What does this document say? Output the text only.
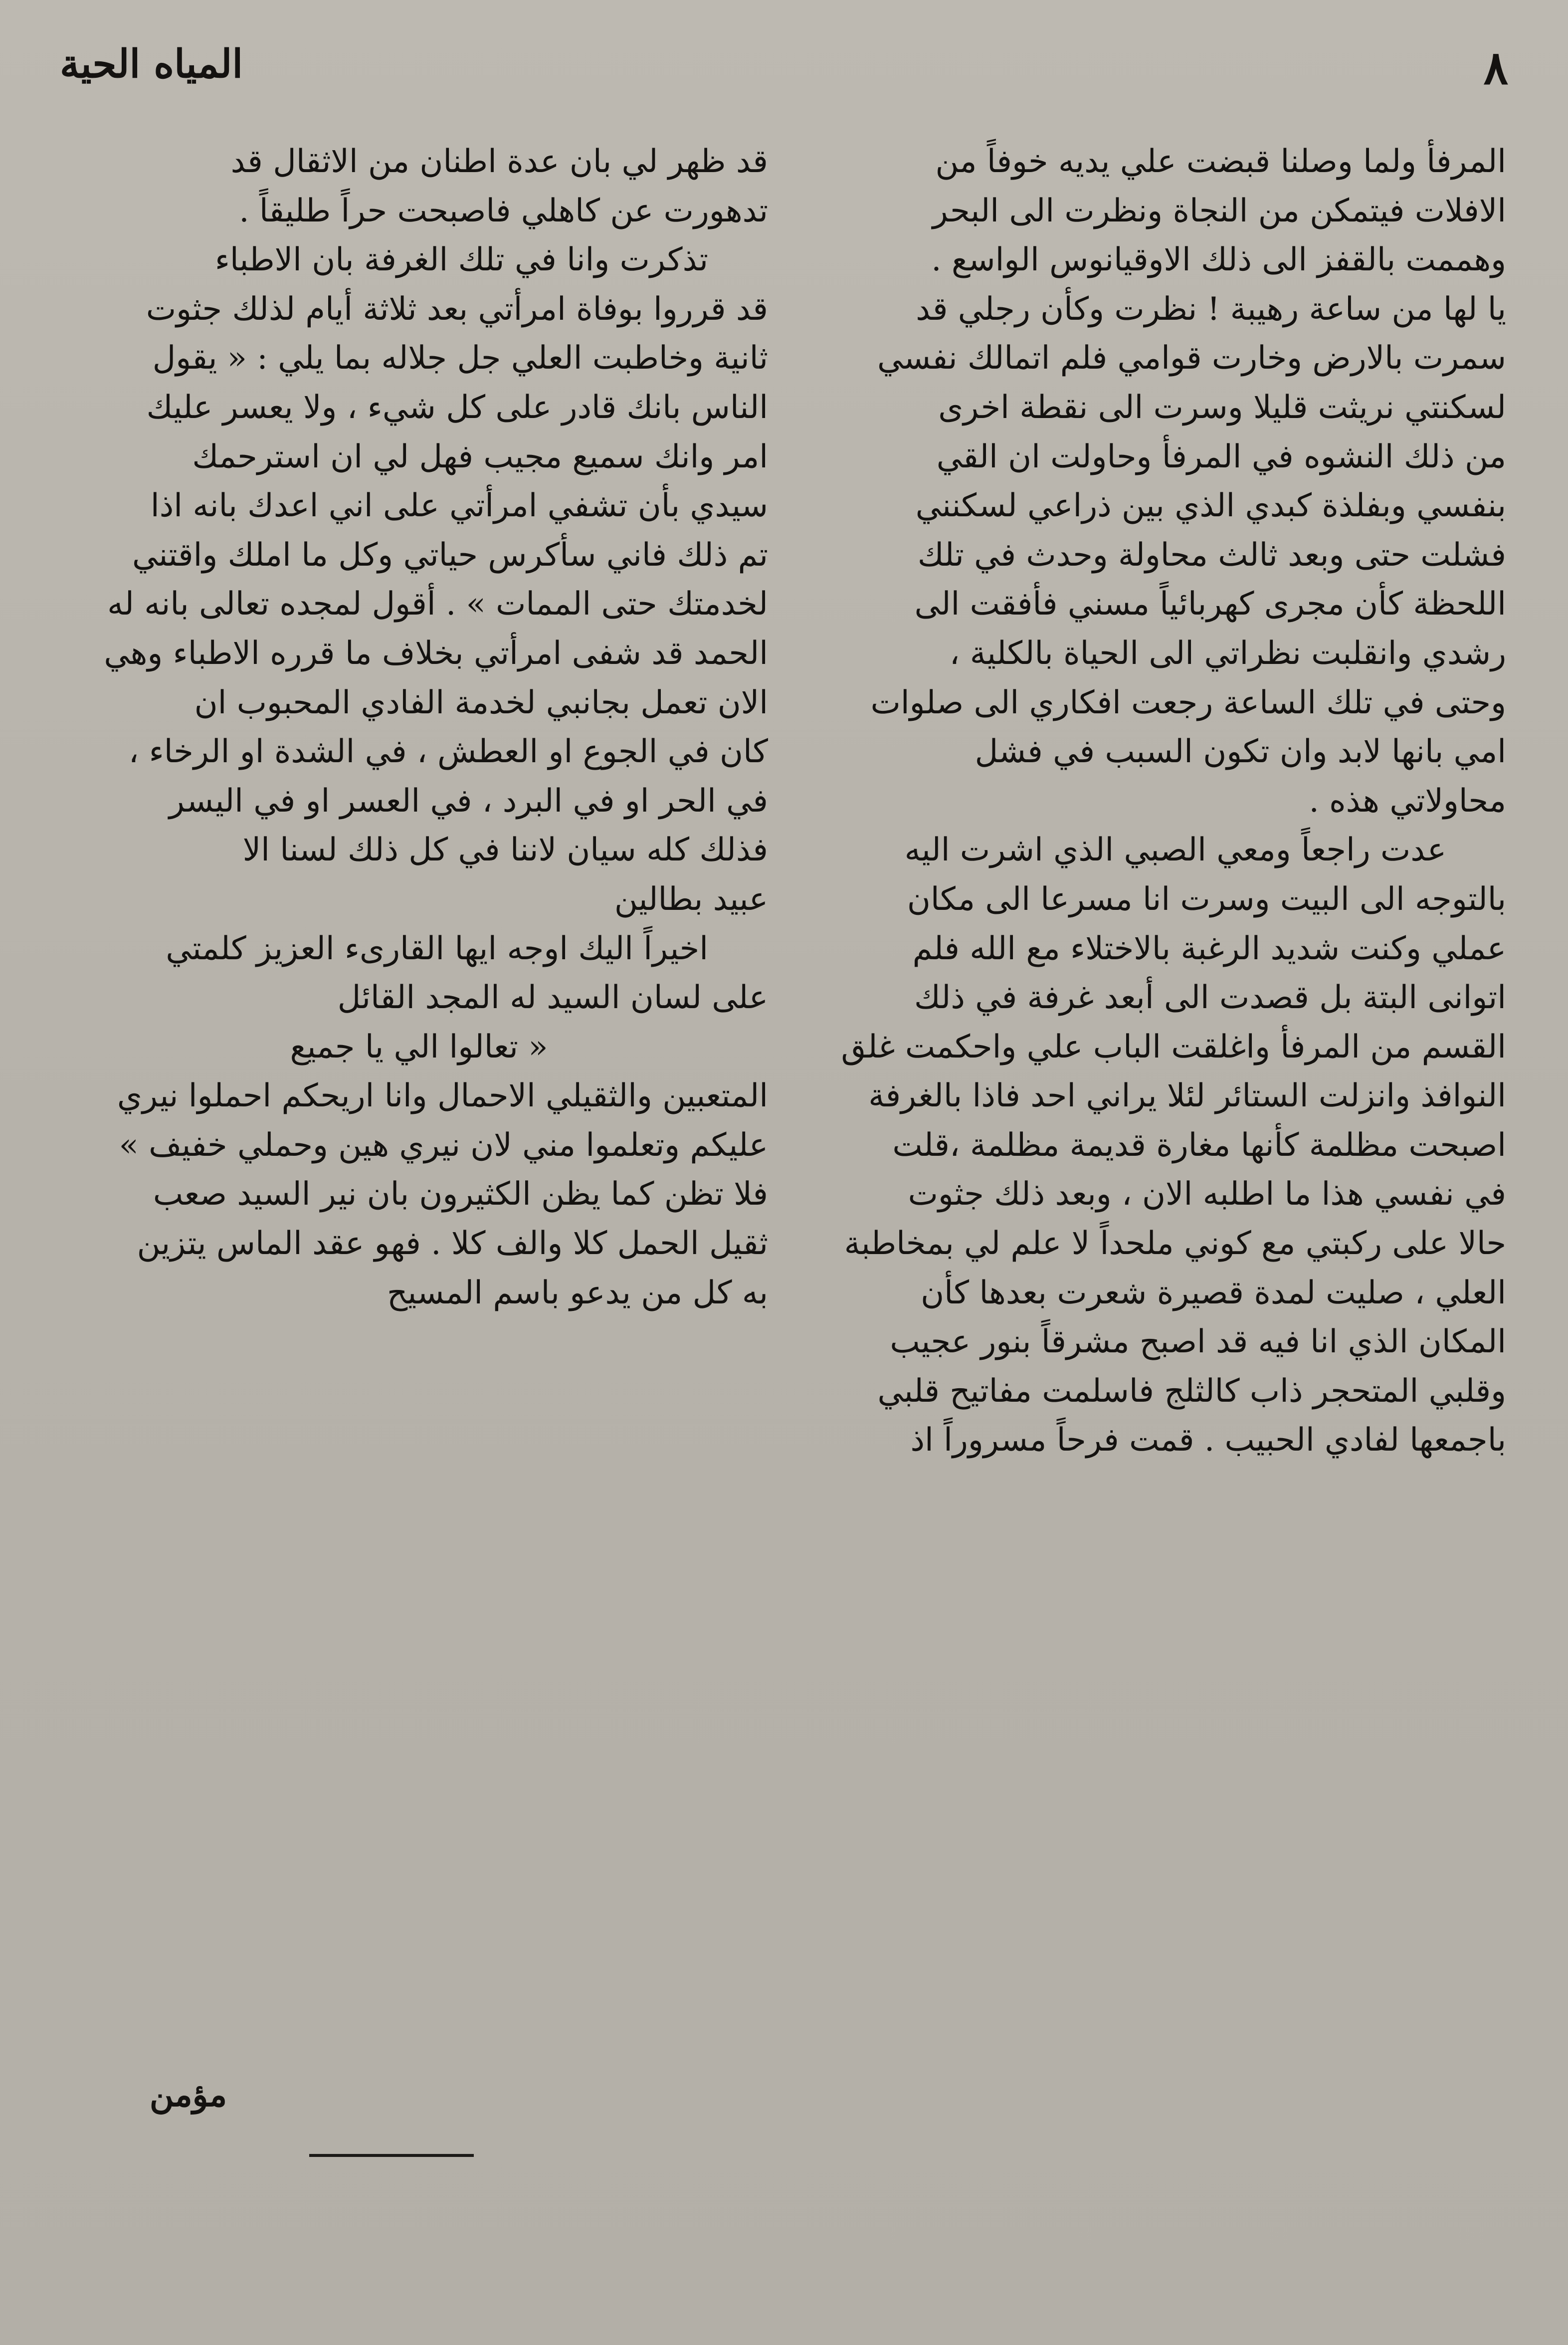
٨
المياه الحية
المرفأ ولما وصلنا قبضت علي يديه خوفاً من
الافلات فيتمكن من النجاة ونظرت الى البحر
وهممت بالقفز الى ذلك الاوقيانوس الواسع .
يا لها من ساعة رهيبة ! نظرت وكأن رجلي قد
سمرت بالارض وخارت قوامي فلم اتمالك نفسي
لسكنتي نريثت قليلا وسرت الى نقطة اخرى
من ذلك النشوه في المرفأ وحاولت ان القي
بنفسي وبفلذة كبدي الذي بين ذراعي لسكنني
فشلت حتى وبعد ثالث محاولة وحدث في تلك
اللحظة كأن مجرى كهربائياً مسني فأفقت الى
رشدي وانقلبت نظراتي الى الحياة بالكلية ،
وحتى في تلك الساعة رجعت افكاري الى صلوات
امي بانها لابد وان تكون السبب في فشل
محاولاتي هذه .
عدت راجعاً ومعي الصبي الذي اشرت اليه
بالتوجه الى البيت وسرت انا مسرعا الى مكان
عملي وكنت شديد الرغبة بالاختلاء مع الله فلم
اتوانى البتة بل قصدت الى أبعد غرفة في ذلك
القسم من المرفأ واغلقت الباب علي واحكمت غلق
النوافذ وانزلت الستائر لئلا يراني احد فاذا بالغرفة
اصبحت مظلمة كأنها مغارة قديمة مظلمة ،قلت
في نفسي هذا ما اطلبه الان ، وبعد ذلك جثوت
حالا على ركبتي مع كوني ملحداً لا علم لي بمخاطبة
العلي ، صليت لمدة قصيرة شعرت بعدها كأن
المكان الذي انا فيه قد اصبح مشرقاً بنور عجيب
وقلبي المتحجر ذاب كالثلج فاسلمت مفاتيح قلبي
باجمعها لفادي الحبيب . قمت فرحاً مسروراً اذ
قد ظهر لي بان عدة اطنان من الاثقال قد
تدهورت عن كاهلي فاصبحت حراً طليقاً .
تذكرت وانا في تلك الغرفة بان الاطباء
قد قرروا بوفاة امرأتي بعد ثلاثة أيام لذلك جثوت
ثانية وخاطبت العلي جل جلاله بما يلي : « يقول
الناس بانك قادر على كل شيء ، ولا يعسر عليك
امر وانك سميع مجيب فهل لي ان استرحمك
سيدي بأن تشفي امرأتي على اني اعدك بانه اذا
تم ذلك فاني سأكرس حياتي وكل ما املك واقتني
لخدمتك حتى الممات » . أقول لمجده تعالى بانه له
الحمد قد شفى امرأتي بخلاف ما قرره الاطباء وهي
الان تعمل بجانبي لخدمة الفادي المحبوب ان
كان في الجوع او العطش ، في الشدة او الرخاء ،
في الحر او في البرد ، في العسر او في اليسر
فذلك كله سيان لاننا في كل ذلك لسنا الا
عبيد بطالين
اخيراً اليك اوجه ايها القارىء العزيز كلمتي
على لسان السيد له المجد القائل
« تعالوا الي يا جميع
المتعبين والثقيلي الاحمال وانا اريحكم احملوا نيري
عليكم وتعلموا مني لان نيري هين وحملي خفيف »
فلا تظن كما يظن الكثيرون بان نير السيد صعب
ثقيل الحمل كلا والف كلا . فهو عقد الماس يتزين
به كل من يدعو باسم المسيح
مؤمن
